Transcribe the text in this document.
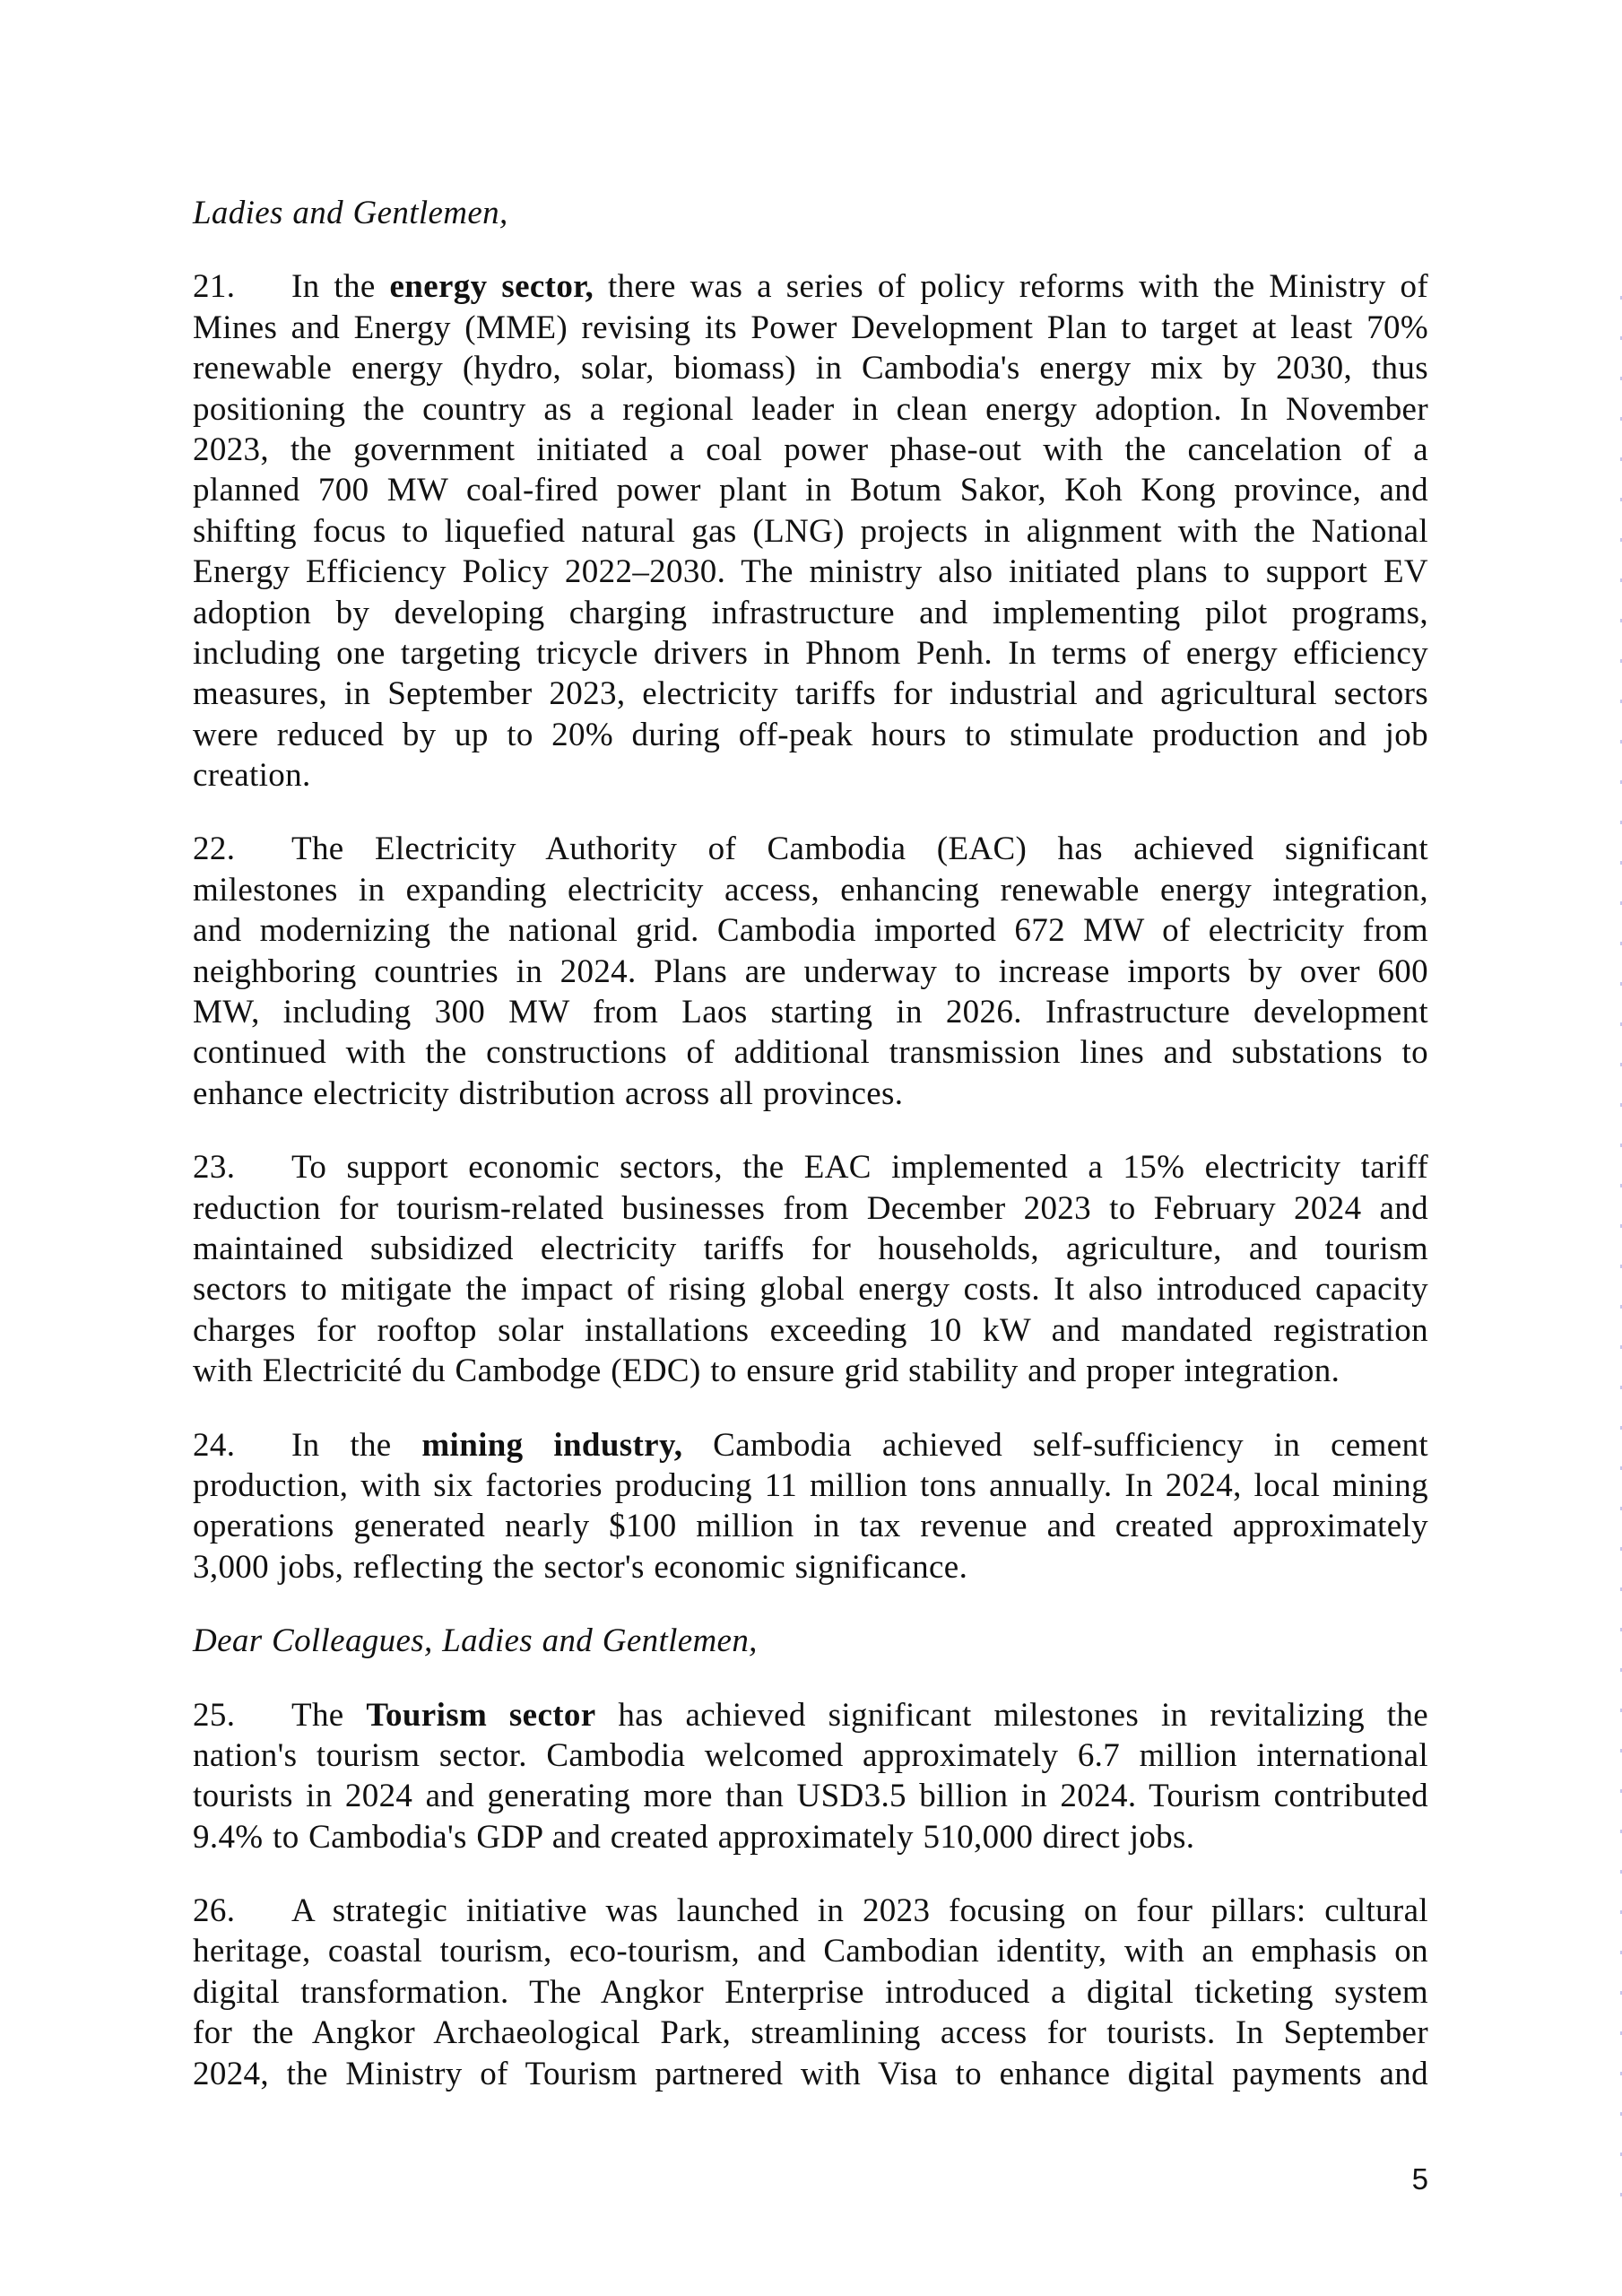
Ladies and Gentlemen,
21. In the energy sector, there was a series of policy reforms with the Ministry of
Mines and Energy (MME) revising its Power Development Plan to target at least 70%
renewable energy (hydro, solar, biomass) in Cambodia's energy mix by 2030, thus
positioning the country as a regional leader in clean energy adoption. In November
2023, the government initiated a coal power phase-out with the cancelation of a
planned 700 MW coal-fired power plant in Botum Sakor, Koh Kong province, and
shifting focus to liquefied natural gas (LNG) projects in alignment with the National
Energy Efficiency Policy 2022–2030. The ministry also initiated plans to support EV
adoption by developing charging infrastructure and implementing pilot programs,
including one targeting tricycle drivers in Phnom Penh. In terms of energy efficiency
measures, in September 2023, electricity tariffs for industrial and agricultural sectors
were reduced by up to 20% during off-peak hours to stimulate production and job
creation.
22. The Electricity Authority of Cambodia (EAC) has achieved significant
milestones in expanding electricity access, enhancing renewable energy integration,
and modernizing the national grid. Cambodia imported 672 MW of electricity from
neighboring countries in 2024. Plans are underway to increase imports by over 600
MW, including 300 MW from Laos starting in 2026. Infrastructure development
continued with the constructions of additional transmission lines and substations to
enhance electricity distribution across all provinces.
23. To support economic sectors, the EAC implemented a 15% electricity tariff
reduction for tourism-related businesses from December 2023 to February 2024 and
maintained subsidized electricity tariffs for households, agriculture, and tourism
sectors to mitigate the impact of rising global energy costs. It also introduced capacity
charges for rooftop solar installations exceeding 10 kW and mandated registration
with Electricité du Cambodge (EDC) to ensure grid stability and proper integration.
24. In the mining industry, Cambodia achieved self-sufficiency in cement
production, with six factories producing 11 million tons annually. In 2024, local mining
operations generated nearly $100 million in tax revenue and created approximately
3,000 jobs, reflecting the sector's economic significance.
Dear Colleagues, Ladies and Gentlemen,
25. The Tourism sector has achieved significant milestones in revitalizing the
nation's tourism sector. Cambodia welcomed approximately 6.7 million international
tourists in 2024 and generating more than USD3.5 billion in 2024. Tourism contributed
9.4% to Cambodia's GDP and created approximately 510,000 direct jobs.
26. A strategic initiative was launched in 2023 focusing on four pillars: cultural
heritage, coastal tourism, eco-tourism, and Cambodian identity, with an emphasis on
digital transformation. The Angkor Enterprise introduced a digital ticketing system
for the Angkor Archaeological Park, streamlining access for tourists. In September
2024, the Ministry of Tourism partnered with Visa to enhance digital payments and
5
